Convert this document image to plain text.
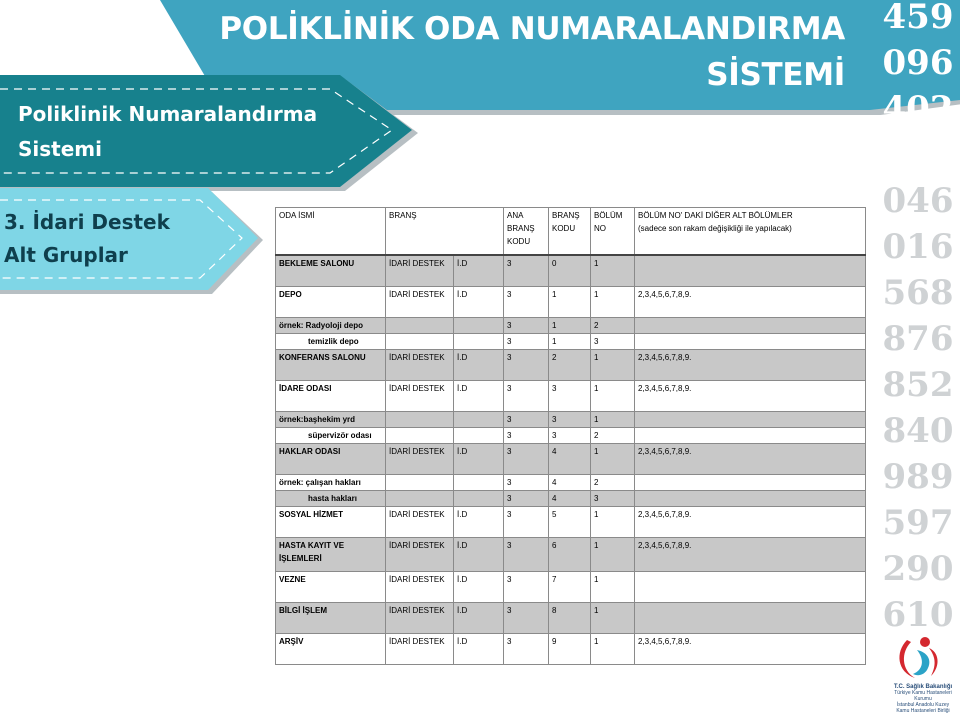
POLİKLİNİK ODA NUMARALANDIRMA
SİSTEMİ
459
096
402
159
046
016
568
876
852
840
989
597
290
610
Poliklinik Numaralandırma
Sistemi
3. İdari Destek
Alt Gruplar
ODA İSMİ	BRANŞ		ANA BRANŞ KODU	BRANŞ KODU	BÖLÜM NO	BÖLÜM NO' DAKİ DİĞER ALT BÖLÜMLER
(sadece son rakam değişikliği ile yapılacak)

BEKLEME SALONU	İDARİ DESTEK	İ.D	3	0	1	
DEPO	İDARİ DESTEK	İ.D	3	1	1	2,3,4,5,6,7,8,9.
örnek: Radyoloji depo			3	1	2	
temizlik depo			3	1	3	
KONFERANS SALONU	İDARİ DESTEK	İ.D	3	2	1	2,3,4,5,6,7,8,9.
İDARE ODASI	İDARİ DESTEK	İ.D	3	3	1	2,3,4,5,6,7,8,9.
örnek:başhekim yrd			3	3	1	
süpervizör odası			3	3	2	
HAKLAR ODASI	İDARİ DESTEK	İ.D	3	4	1	2,3,4,5,6,7,8,9.
örnek: çalışan hakları			3	4	2	
hasta hakları			3	4	3	
SOSYAL HİZMET	İDARİ DESTEK	İ.D	3	5	1	2,3,4,5,6,7,8,9.
HASTA KAYIT VE İŞLEMLERİ	İDARİ DESTEK	İ.D	3	6	1	2,3,4,5,6,7,8,9.
VEZNE	İDARİ DESTEK	İ.D	3	7	1	
BİLGİ İŞLEM	İDARİ DESTEK	İ.D	3	8	1	
ARŞİV	İDARİ DESTEK	İ.D	3	9	1	2,3,4,5,6,7,8,9.
T.C. Sağlık Bakanlığı
Türkiye Kamu Hastaneleri Kurumu
İstanbul Anadolu Kuzey
Kamu Hastaneleri Birliği
